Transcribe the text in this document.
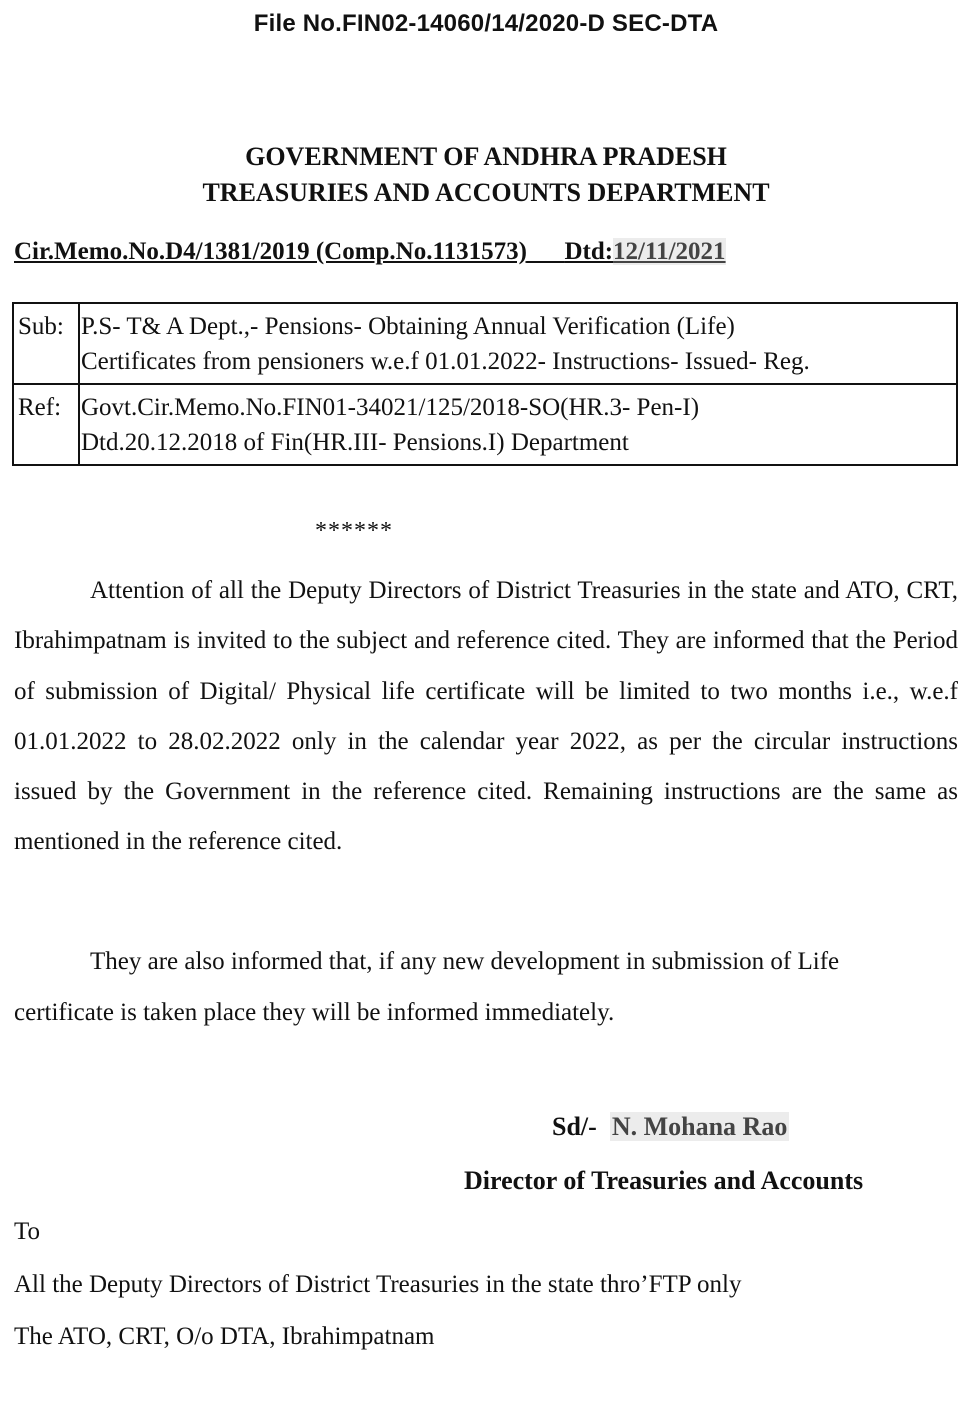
File No.FIN02-14060/14/2020-D SEC-DTA
GOVERNMENT OF ANDHRA PRADESH
TREASURIES AND ACCOUNTS DEPARTMENT
Cir.Memo.No.D4/1381/2019 (Comp.No.1131573) Dtd:12/11/2021
Sub:	P.S- T& A Dept.,- Pensions- Obtaining Annual Verification (Life)
Certificates from pensioners w.e.f 01.01.2022- Instructions- Issued- Reg.

Ref:	Govt.Cir.Memo.No.FIN01-34021/125/2018-SO(HR.3- Pen-I)
Dtd.20.12.2018 of Fin(HR.III- Pensions.I) Department
******
Attention of all the Deputy Directors of District Treasuries in the state and ATO, CRT, Ibrahimpatnam is invited to the subject and reference cited. They are informed that the Period of submission of Digital/ Physical life certificate will be limited to two months i.e., w.e.f 01.01.2022 to 28.02.2022 only in the calendar year 2022, as per the circular instructions issued by the Government in the reference cited. Remaining instructions are the same as mentioned in the reference cited.
They are also informed that, if any new development in submission of Life certificate is taken place they will be informed immediately.
Sd/-  N. Mohana Rao
Director of Treasuries and Accounts
To
All the Deputy Directors of District Treasuries in the state thro’FTP only
The ATO, CRT, O/o DTA, Ibrahimpatnam
